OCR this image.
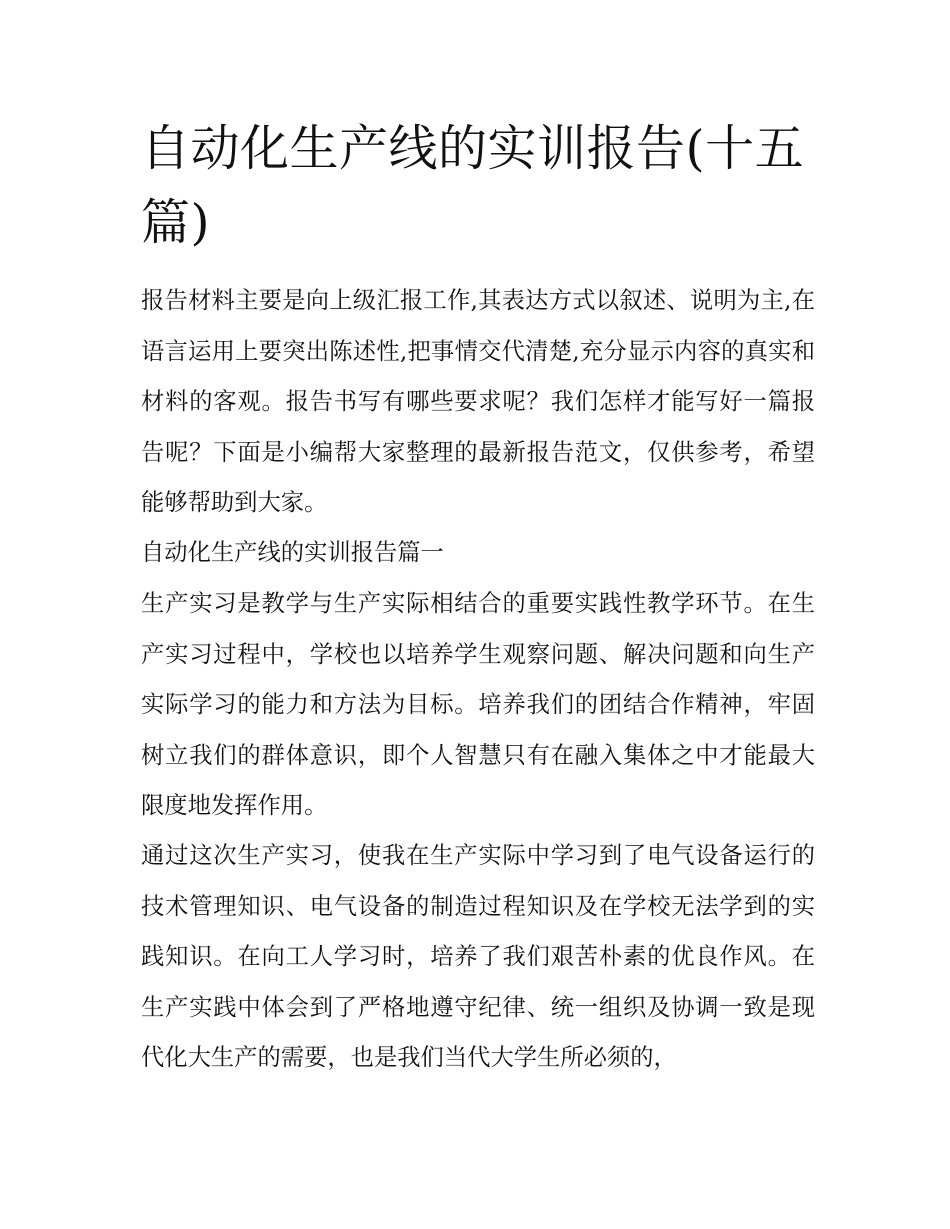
自动化生产线的实训报告(十五篇)

报告材料主要是向上级汇报工作,其表达方式以叙述、说明为主,在语言运用上要突出陈述性,把事情交代清楚,充分显示内容的真实和材料的客观。报告书写有哪些要求呢？我们怎样才能写好一篇报告呢？下面是小编帮大家整理的最新报告范文，仅供参考，希望能够帮助到大家。

自动化生产线的实训报告篇一

生产实习是教学与生产实际相结合的重要实践性教学环节。在生产实习过程中，学校也以培养学生观察问题、解决问题和向生产实际学习的能力和方法为目标。培养我们的团结合作精神，牢固树立我们的群体意识，即个人智慧只有在融入集体之中才能最大限度地发挥作用。

通过这次生产实习，使我在生产实际中学习到了电气设备运行的技术管理知识、电气设备的制造过程知识及在学校无法学到的实践知识。在向工人学习时，培养了我们艰苦朴素的优良作风。在生产实践中体会到了严格地遵守纪律、统一组织及协调一致是现代化大生产的需要，也是我们当代大学生所必须的，
